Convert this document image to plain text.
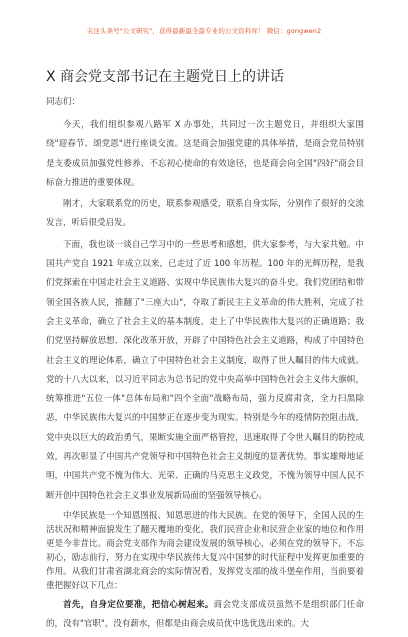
关注头条号"公文研究"，获得最新最全最专业的公文资料库！ 微信：gongwen2
X 商会党支部书记在主题党日上的讲话

同志们：

今天，我们组织参观八路军 X 办事处，共同过一次主题党日，并组织大家围绕"迎春节、颂党恩"进行座谈交流。这是商会加强党建的具体举措，是商会党员特别是支委成员加强党性修养、不忘初心使命的有效途径，也是商会向全国"四好"商会目标奋力推进的重要体现。

刚才，大家联系党的历史，联系参观感受，联系自身实际，分别作了很好的交流发言，听后很受启发。

下面，我也谈一谈自己学习中的一些思考和感想，供大家参考，与大家共勉。中国共产党自 1921 年成立以来，已走过了近 100 年历程。100 年的光辉历程，是我们党探索在中国走社会主义道路、实现中华民族伟大复兴的奋斗史。我们党团结和带领全国各族人民，推翻了"三座大山"，夺取了新民主主义革命的伟大胜利，完成了社会主义革命，确立了社会主义的基本制度，走上了中华民族伟大复兴的正确道路；我们党坚持解放思想、深化改革开放，开辟了中国特色社会主义道路，构成了中国特色社会主义的理论体系，确立了中国特色社会主义制度，取得了世人瞩目的伟大成就。党的十八大以来，以习近平同志为总书记的党中央高举中国特色社会主义伟大旗帜，统筹推进"五位一体"总体布局和"四个全面"战略布局，强力反腐肃贪，全力扫黑除恶，中华民族伟大复兴的中国梦正在逐步变为现实。特别是今年的疫情防控阻击战，党中央以巨大的政治勇气，果断实施全面严格管控，迅速取得了令世人瞩目的防控成效，再次彰显了中国共产党领导和中国特色社会主义制度的显著优势。事实雄辩地证明，中国共产党不愧为伟大、光荣、正确的马克思主义政党，不愧为领导中国人民不断开创中国特色社会主义事业发展新局面的坚强领导核心。

中华民族是一个知恩图报、知恩思进的伟大民族。在党的领导下，全国人民的生活状况和精神面貌发生了翻天覆地的变化，我们民营企业和民营企业家的地位和作用更是今非昔比。商会党支部作为商会建设发展的领导核心，必须在党的领导下，不忘初心，励志前行，努力在实现中华民族伟大复兴中国梦的时代征程中发挥更加重要的作用。从我们甘肃省湖北商会的实际情况看，发挥党支部的战斗堡垒作用，当前要着重把握好以下几点：

首先，自身定位要准，把信心树起来。商会党支部成员虽然不是组织部门任命的，没有"官职"，没有薪水，但都是由商会成员优中选优选出来的。大
